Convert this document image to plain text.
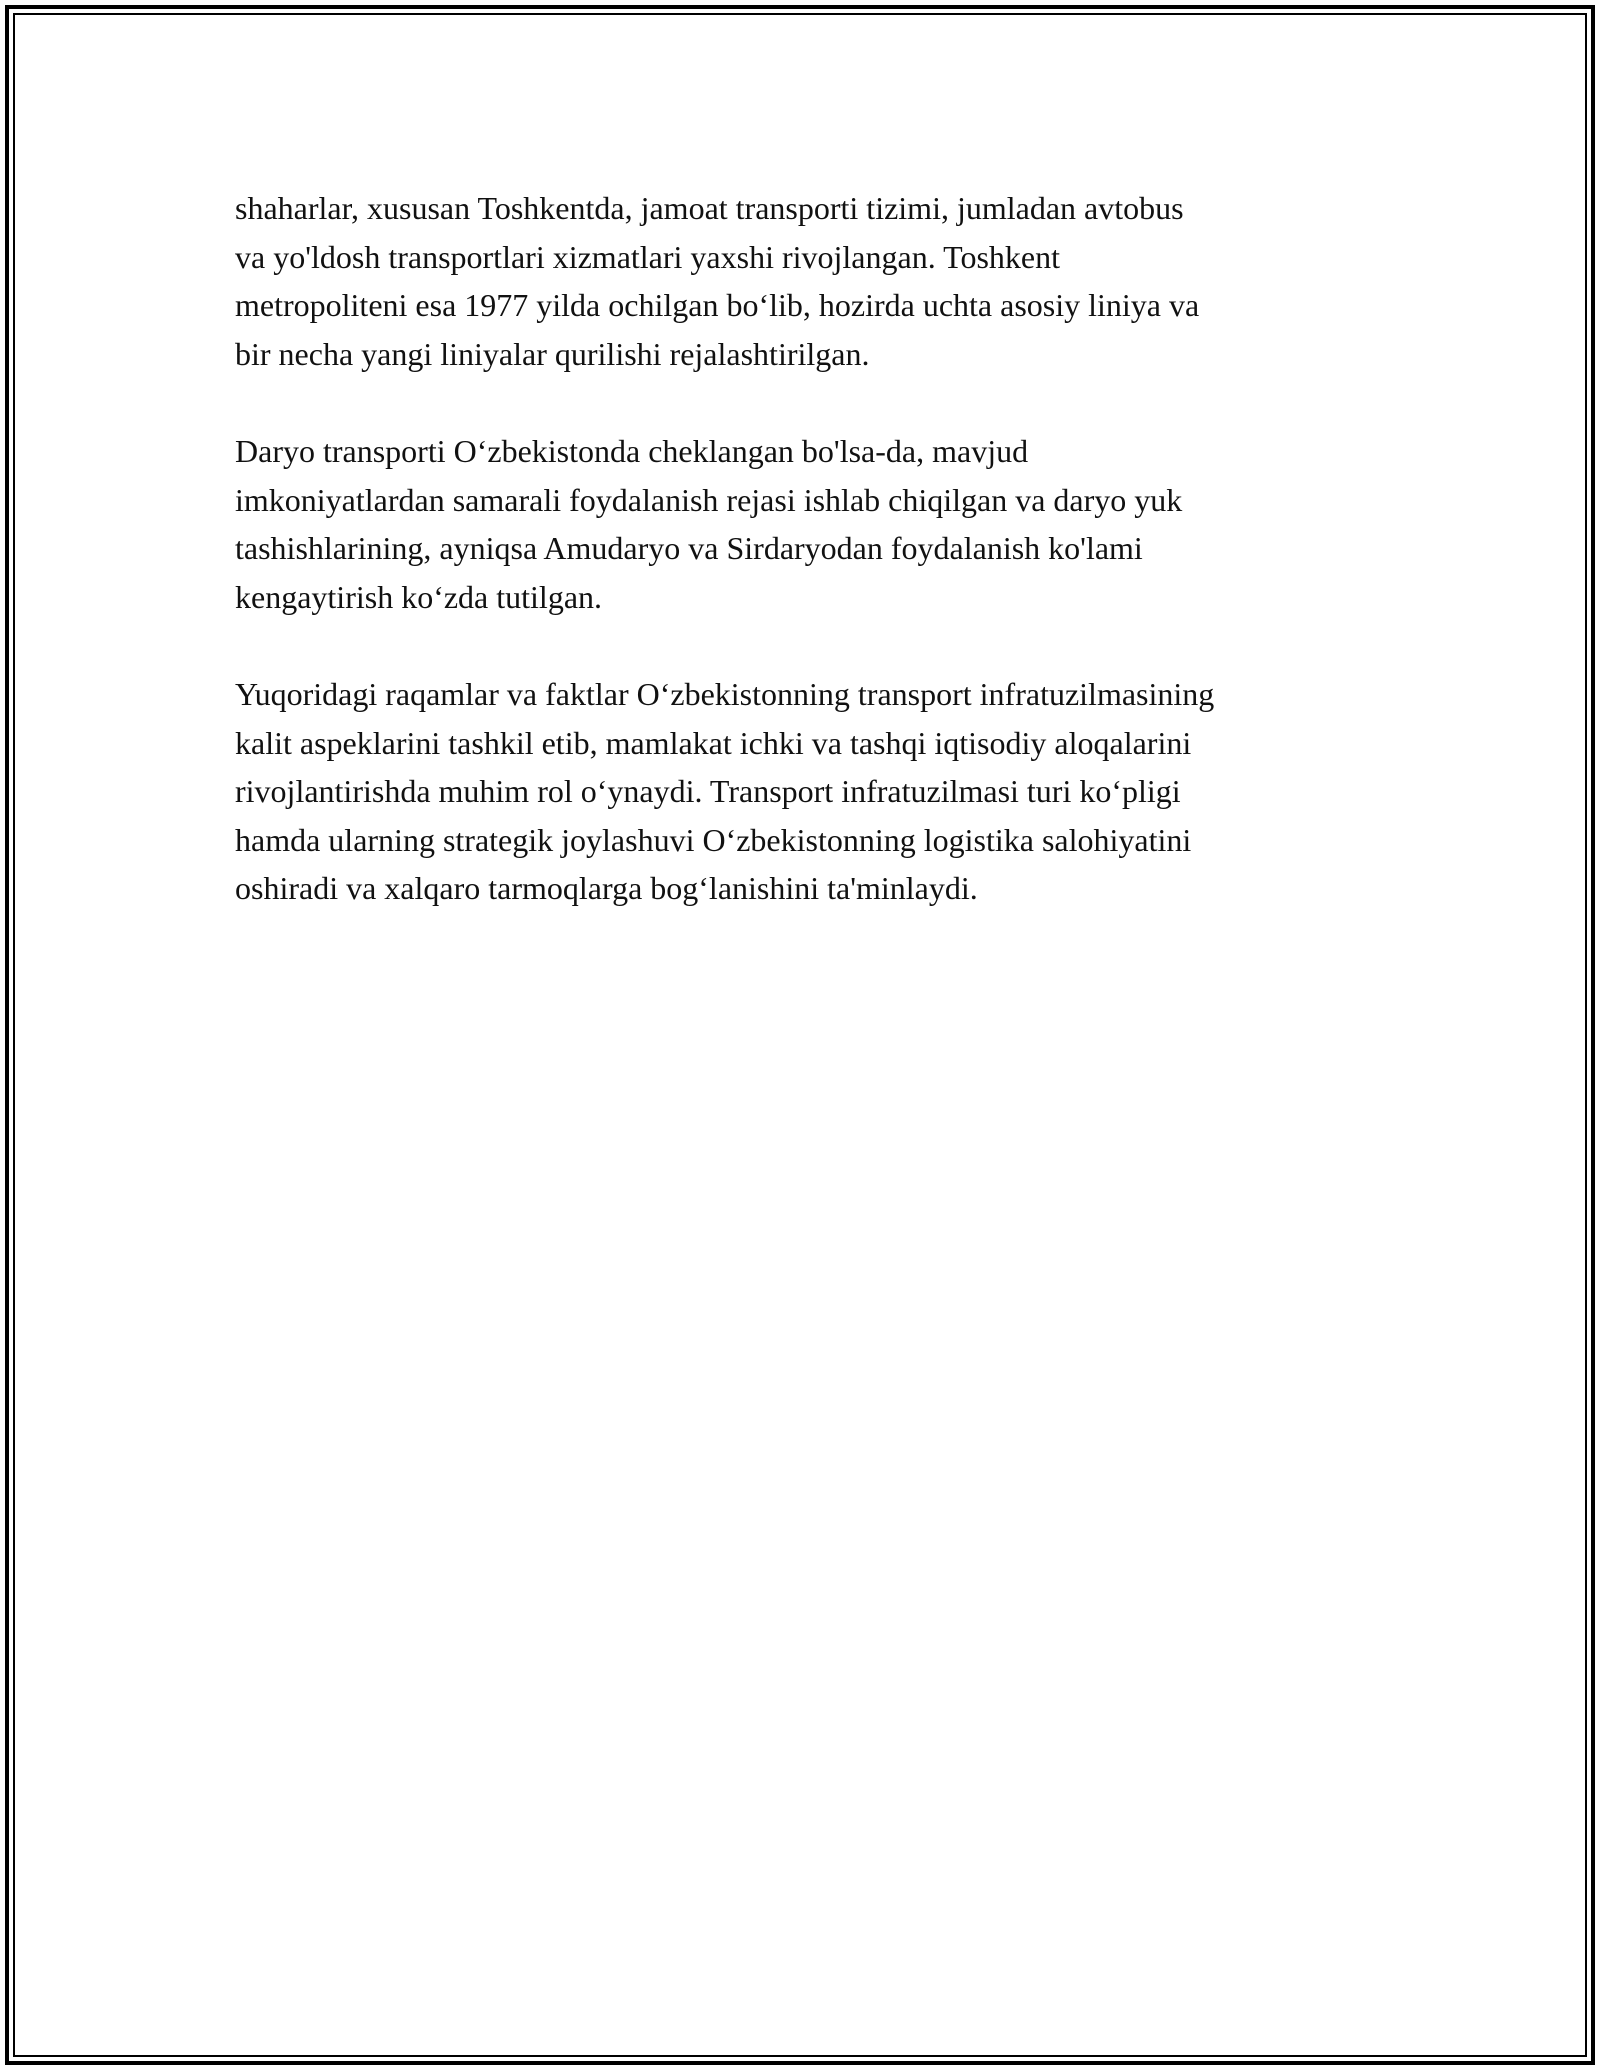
shaharlar, xususan Toshkentda, jamoat transporti tizimi, jumladan avtobus
va yo'ldosh transportlari xizmatlari yaxshi rivojlangan. Toshkent
metropoliteni esa 1977 yilda ochilgan bo‘lib, hozirda uchta asosiy liniya va
bir necha yangi liniyalar qurilishi rejalashtirilgan.

Daryo transporti O‘zbekistonda cheklangan bo'lsa-da, mavjud
imkoniyatlardan samarali foydalanish rejasi ishlab chiqilgan va daryo yuk
tashishlarining, ayniqsa Amudaryo va Sirdaryodan foydalanish ko'lami
kengaytirish ko‘zda tutilgan.

Yuqoridagi raqamlar va faktlar O‘zbekistonning transport infratuzilmasining
kalit aspeklarini tashkil etib, mamlakat ichki va tashqi iqtisodiy aloqalarini
rivojlantirishda muhim rol o‘ynaydi. Transport infratuzilmasi turi ko‘pligi
hamda ularning strategik joylashuvi O‘zbekistonning logistika salohiyatini
oshiradi va xalqaro tarmoqlarga bog‘lanishini ta'minlaydi.
